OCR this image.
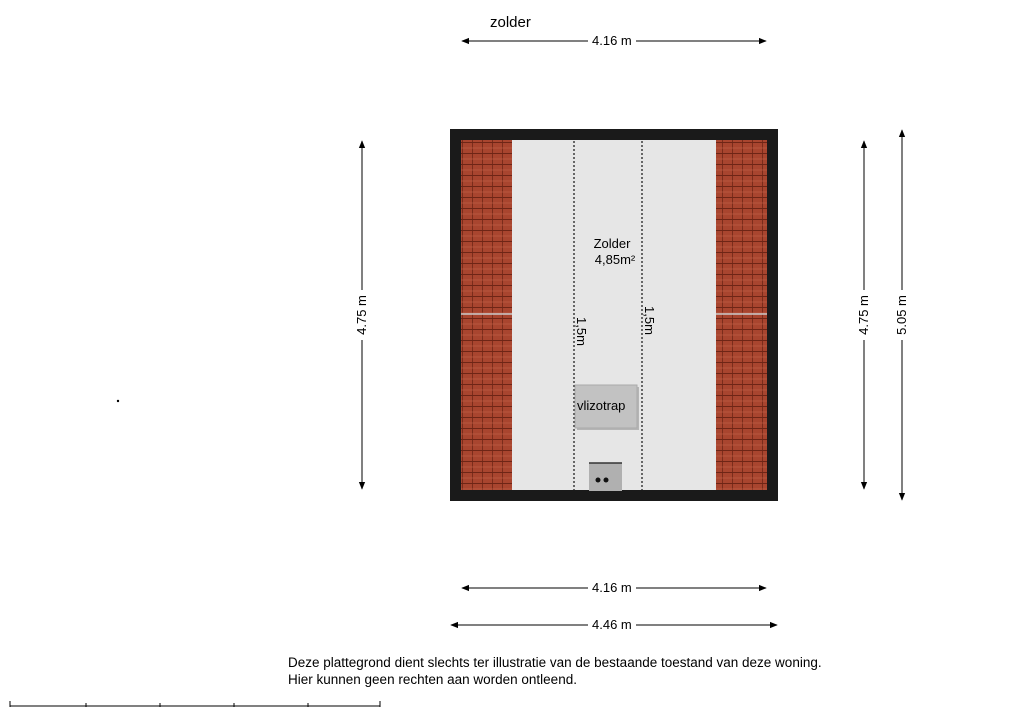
zolder
4.16 m
4.16 m
4.46 m
4.75 m	4.75 m 5.05 m
Zolder
4,85m²
1,5m	1,5m
vlizotrap
Deze plattegrond dient slechts ter illustratie van de bestaande toestand van deze woning.
Hier kunnen geen rechten aan worden ontleend.
